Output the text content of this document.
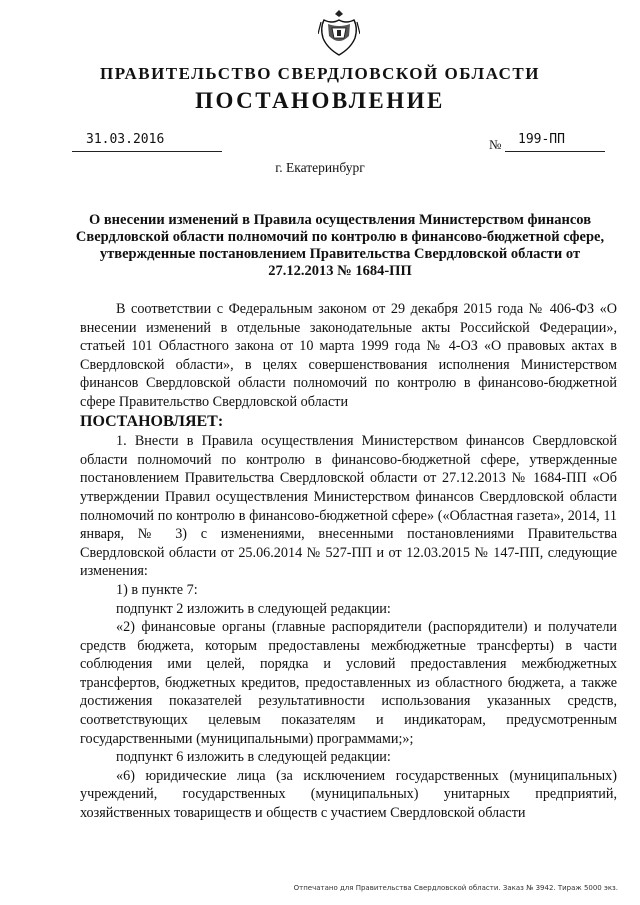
ПРАВИТЕЛЬСТВО СВЕРДЛОВСКОЙ ОБЛАСТИ
ПОСТАНОВЛЕНИЕ
31.03.2016	№ 199-ПП
г. Екатеринбург
О внесении изменений в Правила осуществления Министерством финансов Свердловской области полномочий по контролю в финансово-бюджетной сфере, утвержденные постановлением Правительства Свердловской области от 27.12.2013 № 1684-ПП

В соответствии с Федеральным законом от 29 декабря 2015 года № 406-ФЗ «О внесении изменений в отдельные законодательные акты Российской Федерации», статьей 101 Областного закона от 10 марта 1999 года № 4-ОЗ «О правовых актах в Свердловской области», в целях совершенствования исполнения Министерством финансов Свердловской области полномочий по контролю в финансово-бюджетной сфере Правительство Свердловской области

ПОСТАНОВЛЯЕТ:

1. Внести в Правила осуществления Министерством финансов Свердловской области полномочий по контролю в финансово-бюджетной сфере, утвержденные постановлением Правительства Свердловской области от 27.12.2013 № 1684-ПП «Об утверждении Правил осуществления Министерством финансов Свердловской области полномочий по контролю в финансово-бюджетной сфере» («Областная газета», 2014, 11 января, № 3) с изменениями, внесенными постановлениями Правительства Свердловской области от 25.06.2014 № 527-ПП и от 12.03.2015 № 147-ПП, следующие изменения:

1) в пункте 7:

подпункт 2 изложить в следующей редакции:

«2) финансовые органы (главные распорядители (распорядители) и получатели средств бюджета, которым предоставлены межбюджетные трансферты) в части соблюдения ими целей, порядка и условий предоставления межбюджетных трансфертов, бюджетных кредитов, предоставленных из областного бюджета, а также достижения показателей результативности использования указанных средств, соответствующих целевым показателям и индикаторам, предусмотренным государственными (муниципальными) программами;»;

подпункт 6 изложить в следующей редакции:

«6) юридические лица (за исключением государственных (муниципальных) учреждений, государственных (муниципальных) унитарных предприятий, хозяйственных товариществ и обществ с участием Свердловской области

Отпечатано для Правительства Свердловской области. Заказ № 3942. Тираж 5000 экз.
